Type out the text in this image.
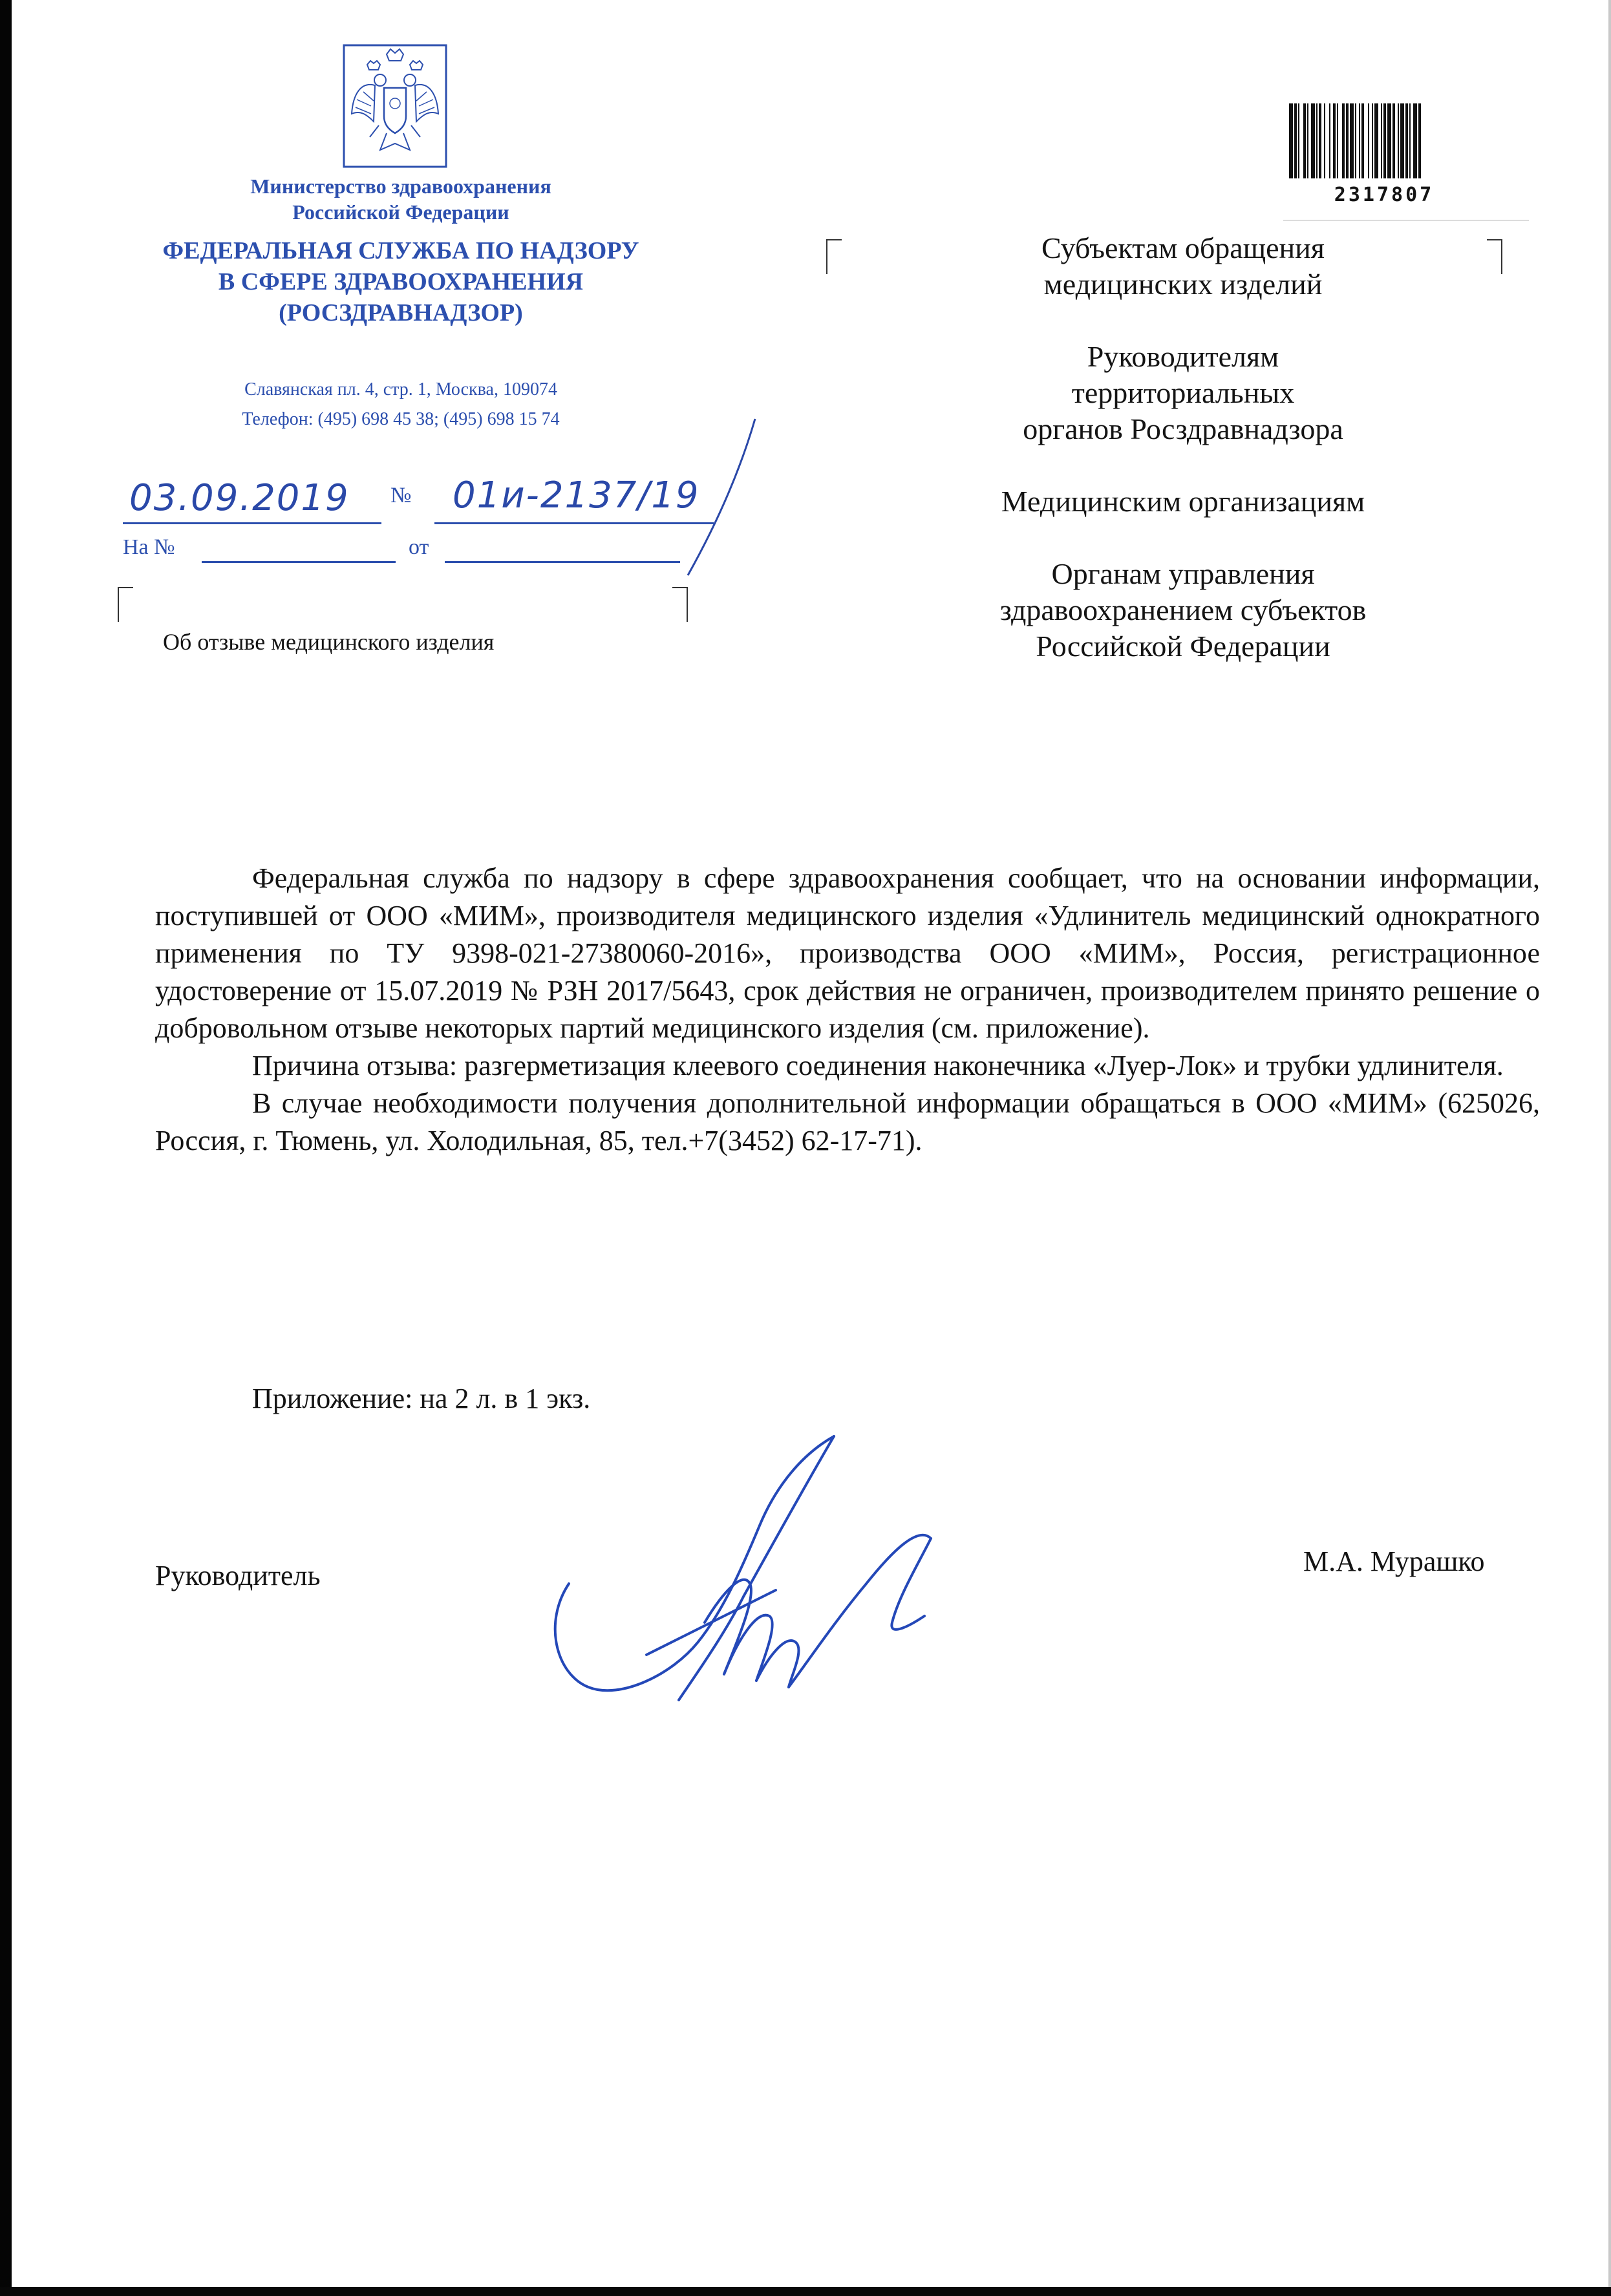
Министерство здравоохранения
Российской Федерации
ФЕДЕРАЛЬНАЯ СЛУЖБА ПО НАДЗОРУ
В СФЕРЕ ЗДРАВООХРАНЕНИЯ
(РОСЗДРАВНАДЗОР)
Славянская пл. 4, стр. 1, Москва, 109074
Телефон: (495) 698 45 38; (495) 698 15 74
03.09.2019 № 01и-2137/19
На №	от
Об отзыве медицинского изделия
2317807
Субъектам обращения
медицинских изделий
Руководителям
территориальных
органов Росздравнадзора
Медицинским организациям
Органам управления
здравоохранением субъектов
Российской Федерации

Федеральная служба по надзору в сфере здравоохранения сообщает, что на основании информации, поступившей от ООО «МИМ», производителя медицинского изделия «Удлинитель медицинский однократного применения по ТУ 9398-021-27380060-2016», производства ООО «МИМ», Россия, регистрационное удостоверение от 15.07.2019 № РЗН 2017/5643, срок действия не ограничен, производителем принято решение о добровольном отзыве некоторых партий медицинского изделия (см. приложение).

Причина отзыва: разгерметизация клеевого соединения наконечника «Луер-Лок» и трубки удлинителя.

В случае необходимости получения дополнительной информации обращаться в ООО «МИМ» (625026, Россия, г. Тюмень, ул. Холодильная, 85, тел.+7(3452) 62-17-71).

Приложение: на 2 л. в 1 экз.
Руководитель	М.А. Мурашко
